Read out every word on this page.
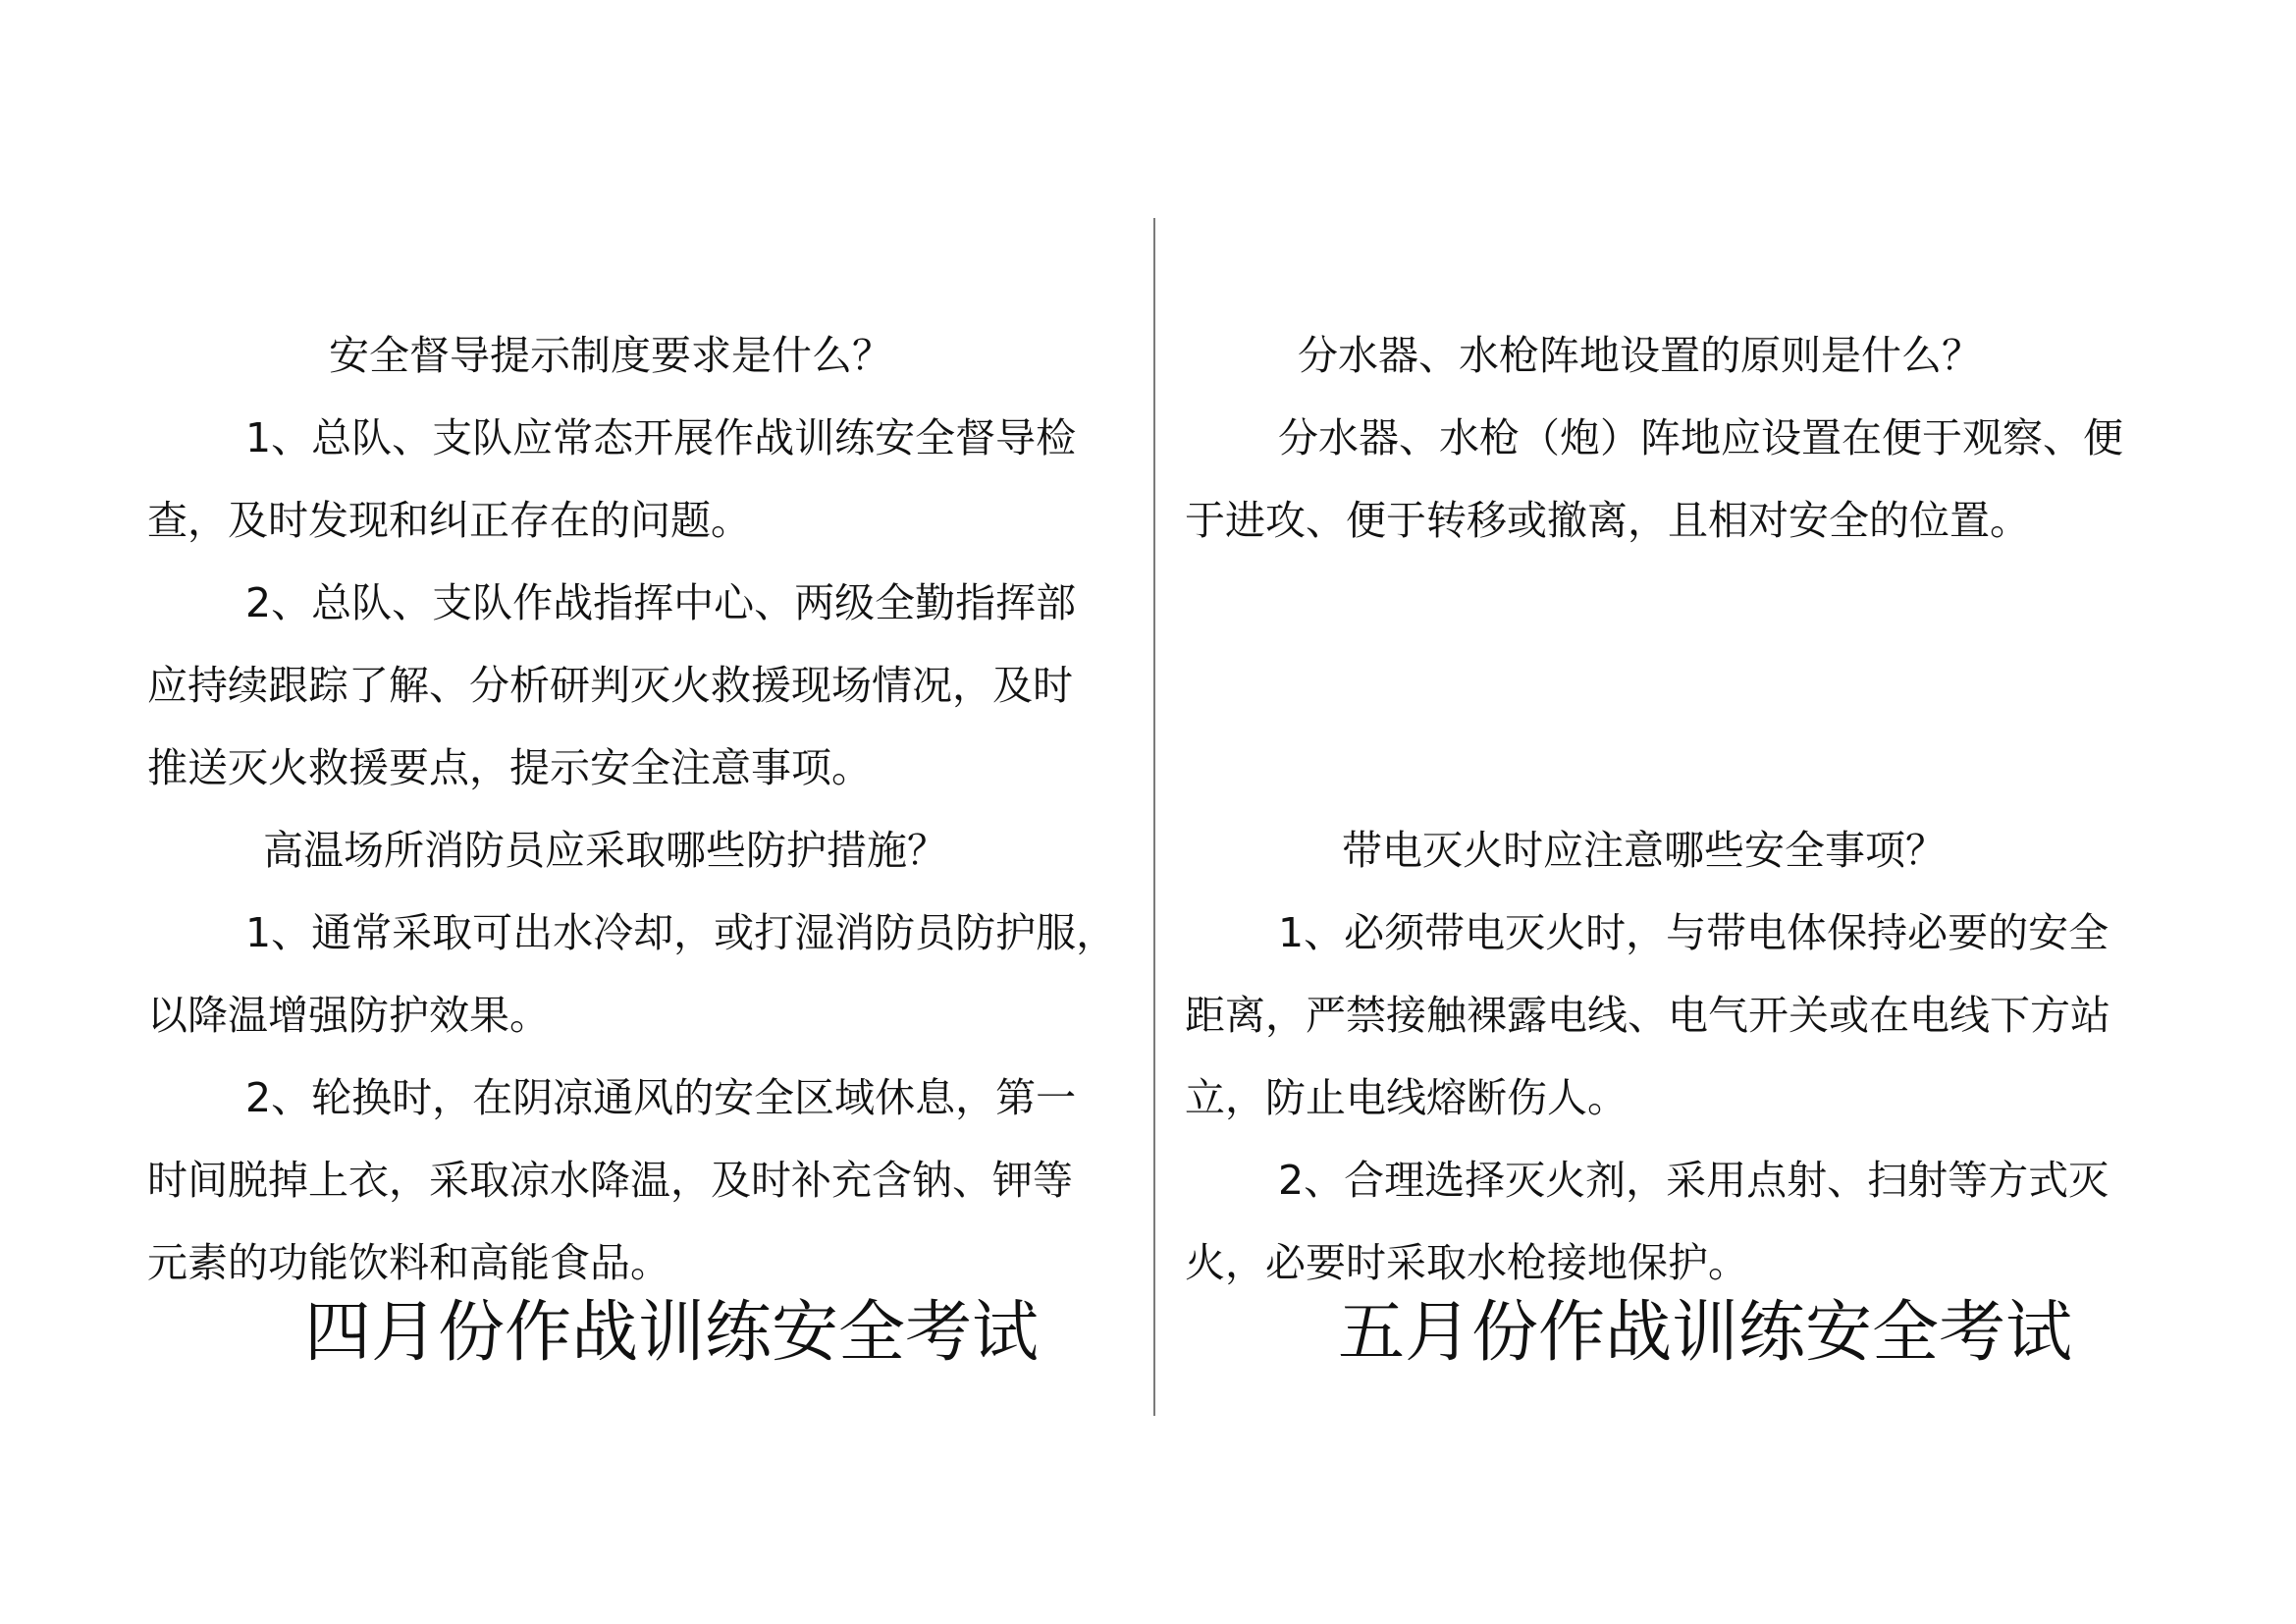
安全督导提示制度要求是什么？
1、总队、支队应常态开展作战训练安全督导检
查，及时发现和纠正存在的问题。
2、总队、支队作战指挥中心、两级全勤指挥部
应持续跟踪了解、分析研判灭火救援现场情况，及时
推送灭火救援要点，提示安全注意事项。
高温场所消防员应采取哪些防护措施？
1、通常采取可出水冷却，或打湿消防员防护服，
以降温增强防护效果。
2、轮换时，在阴凉通风的安全区域休息，第一
时间脱掉上衣，采取凉水降温，及时补充含钠、钾等
元素的功能饮料和高能食品。
分水器、水枪阵地设置的原则是什么？
分水器、水枪（炮）阵地应设置在便于观察、便
于进攻、便于转移或撤离，且相对安全的位置。
带电灭火时应注意哪些安全事项？
1、必须带电灭火时，与带电体保持必要的安全
距离，严禁接触裸露电线、电气开关或在电线下方站
立，防止电线熔断伤人。
2、合理选择灭火剂，采用点射、扫射等方式灭
火，必要时采取水枪接地保护。
四月份作战训练安全考试	五月份作战训练安全考试
